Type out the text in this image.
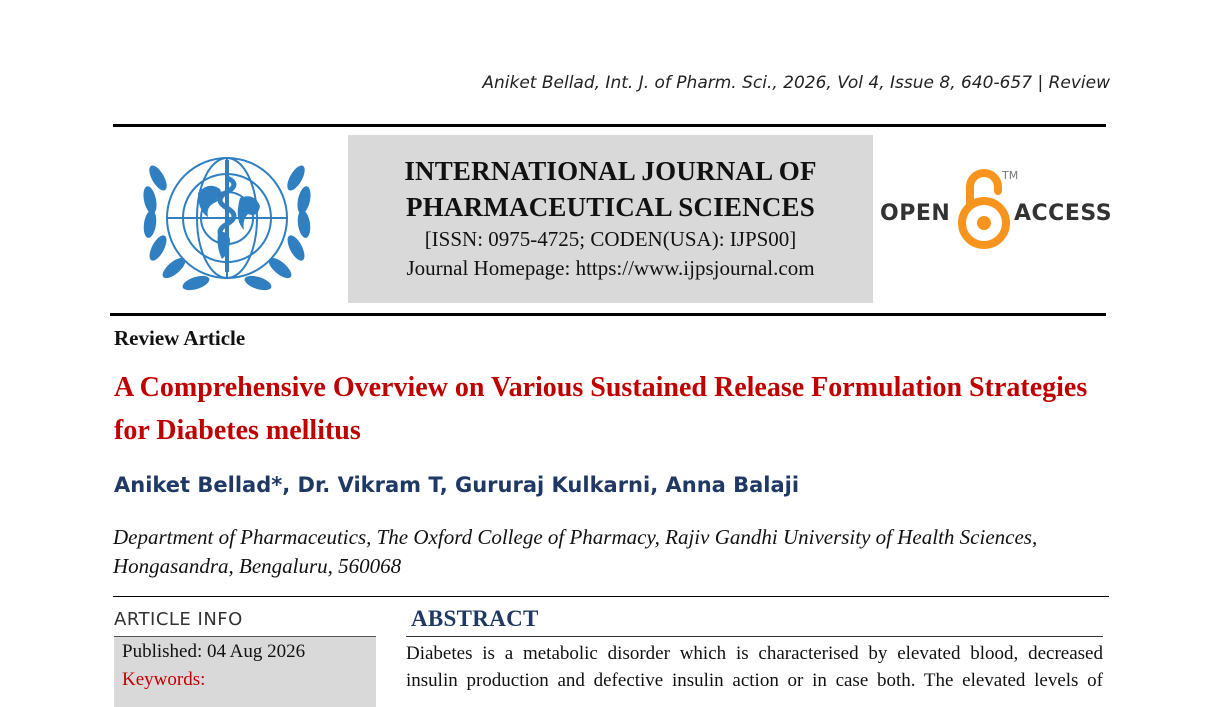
Aniket Bellad, Int. J. of Pharm. Sci., 2026, Vol 4, Issue 8, 640-657 | Review
INTERNATIONAL JOURNAL OF
PHARMACEUTICAL SCIENCES
[ISSN: 0975-4725; CODEN(USA): IJPS00]
Journal Homepage: https://www.ijpsjournal.com
OPEN
TM
ACCESS
Review Article
A Comprehensive Overview on Various Sustained Release Formulation Strategies for Diabetes mellitus
Aniket Bellad*, Dr. Vikram T, Gururaj Kulkarni, Anna Balaji
Department of Pharmaceutics, The Oxford College of Pharmacy, Rajiv Gandhi University of Health Sciences, Hongasandra, Bengaluru, 560068
ARTICLE INFO
Published: 04 Aug 2026
Keywords:
ABSTRACT
Diabetes is a metabolic disorder which is characterised by elevated blood, decreased
insulin production and defective insulin action or in case both. The elevated levels of
